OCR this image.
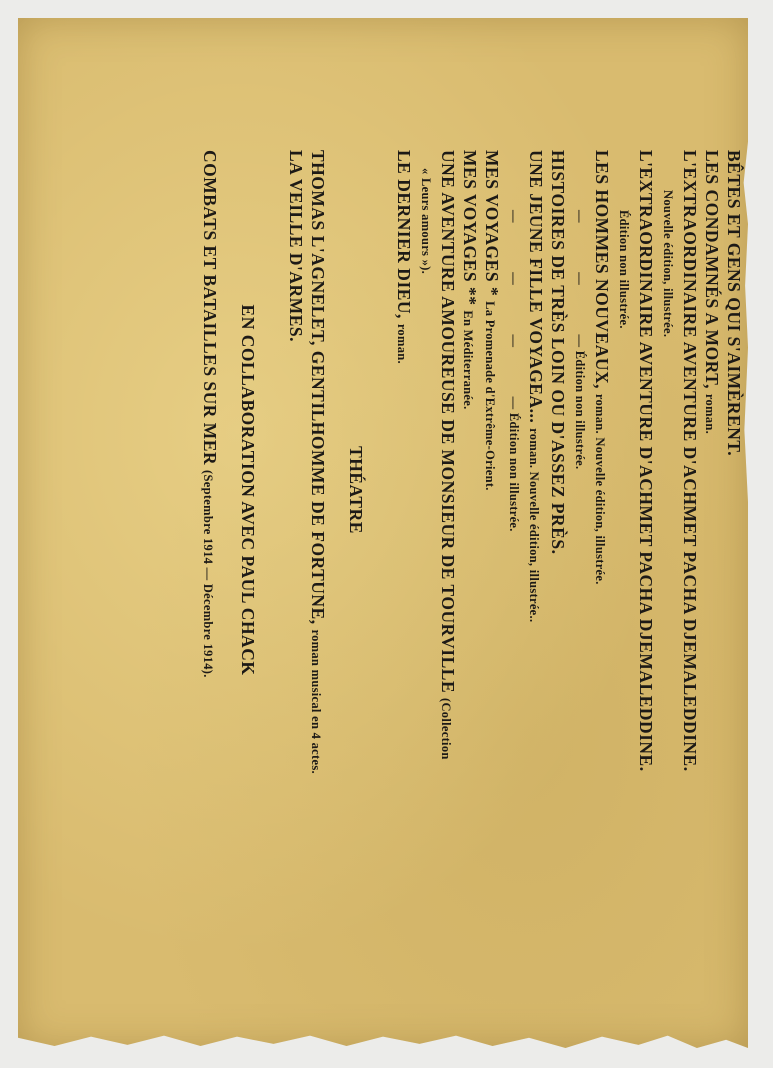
BÊTES ET GENS QUI S'AIMÈRENT.
LES CONDAMNÉS A MORT, roman.
L'EXTRAORDINAIRE AVENTURE D'ACHMET PACHA DJEMALEDDINE.
Nouvelle édition, illustrée.
L'EXTRAORDINAIRE AVENTURE D'ACHMET PACHA DJEMALEDDINE.
Édition non illustrée.
LES HOMMES NOUVEAUX, roman. Nouvelle édition, illustrée.
— — — Édition non illustrée.
HISTOIRES DE TRÈS LOIN OU D'ASSEZ PRÈS.
UNE JEUNE FILLE VOYAGEA... roman. Nouvelle édition, illustrée..
— — — — Édition non illustrée.
MES VOYAGES * La Promenade d'Extrême-Orient.
MES VOYAGES ** En Méditerranée.
UNE AVENTURE AMOUREUSE DE MONSIEUR DE TOURVILLE (Collection
« Leurs amours »).
LE DERNIER DIEU, roman.
THÉATRE
THOMAS L'AGNELET, GENTILHOMME DE FORTUNE, roman musical en 4 actes.
LA VEILLE D'ARMES.
EN COLLABORATION AVEC PAUL CHACK
COMBATS ET BATAILLES SUR MER (Septembre 1914 — Décembre 1914).
